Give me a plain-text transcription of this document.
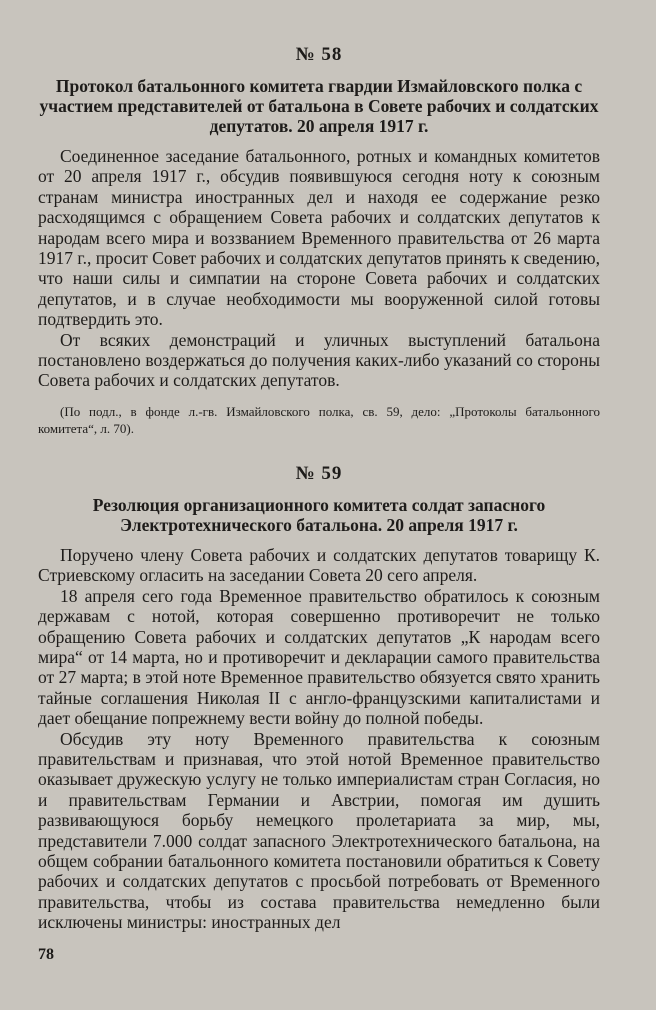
№ 58
Протокол батальонного комитета гвардии Измайловского полка с участием представителей от батальона в Совете рабочих и солдатских депутатов. 20 апреля 1917 г.

Соединенное заседание батальонного, ротных и командных комитетов от 20 апреля 1917 г., обсудив появившуюся сегодня ноту к союзным странам министра иностранных дел и находя ее содержание резко расходящимся с обращением Совета рабочих и солдатских депутатов к народам всего мира и воззванием Временного правительства от 26 марта 1917 г., просит Совет рабочих и солдатских депутатов принять к сведению, что наши силы и симпатии на стороне Совета рабочих и солдатских депутатов, и в случае необходимости мы вооруженной силой готовы подтвердить это.

От всяких демонстраций и уличных выступлений батальона постановлено воздержаться до получения каких-либо указаний со стороны Совета рабочих и солдатских депутатов.

(По подл., в фонде л.-гв. Измайловского полка, св. 59, дело: „Протоколы батальонного комитета“, л. 70).

№ 59
Резолюция организационного комитета солдат запасного Электротехнического батальона. 20 апреля 1917 г.

Поручено члену Совета рабочих и солдатских депутатов товарищу К. Стриевскому огласить на заседании Совета 20 сего апреля.

18 апреля сего года Временное правительство обратилось к союзным державам с нотой, которая совершенно противоречит не только обращению Совета рабочих и солдатских депутатов „К народам всего мира“ от 14 марта, но и противоречит и декларации самого правительства от 27 марта; в этой ноте Временное правительство обязуется свято хранить тайные соглашения Николая II с англо-французскими капиталистами и дает обещание попрежнему вести войну до полной победы.

Обсудив эту ноту Временного правительства к союзным правительствам и признавая, что этой нотой Временное правительство оказывает дружескую услугу не только империалистам стран Согласия, но и правительствам Германии и Австрии, помогая им душить развивающуюся борьбу немецкого пролетариата за мир, мы, представители 7.000 солдат запасного Электротехнического батальона, на общем собрании батальонного комитета постановили обратиться к Совету рабочих и солдатских депутатов с просьбой потребовать от Временного правительства, чтобы из состава правительства немедленно были исключены министры: иностранных дел

78
